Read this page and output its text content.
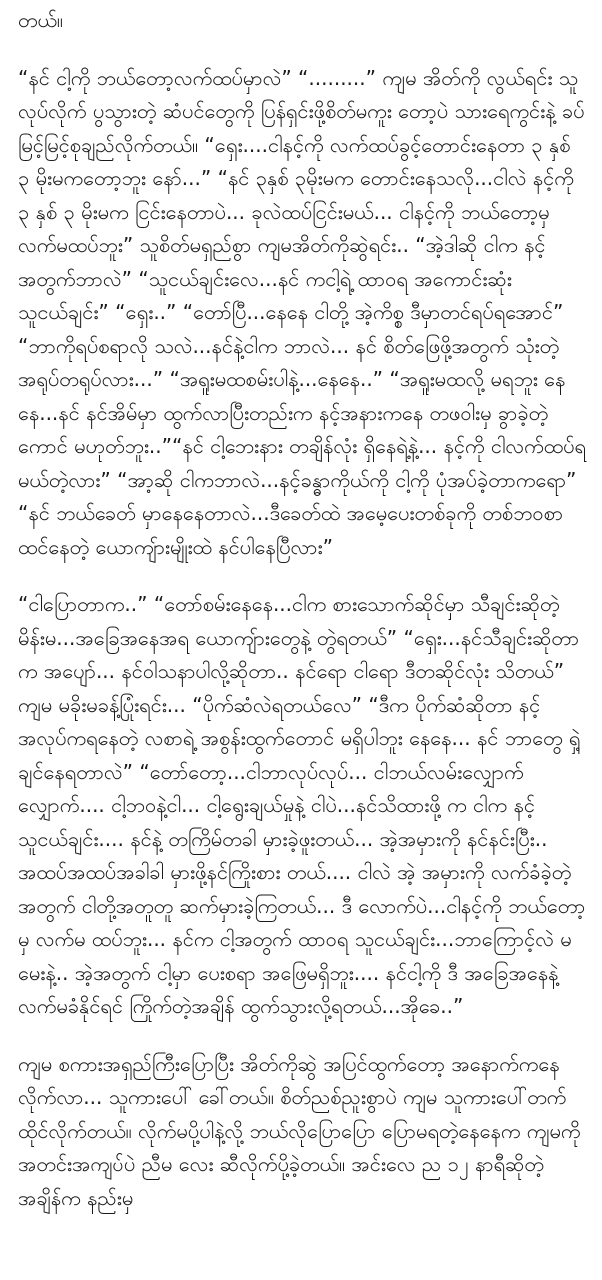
တယ်။

“နင် ငါ့ကို ဘယ်တော့လက်ထပ်မှာလဲ” “.........” ကျမ အိတ်ကို လွယ်ရင်း သူလုပ်လိုက် ပွသွားတဲ့ ဆံပင်တွေကို ပြန်ရှင်းဖို့စိတ်မကူး တော့ပဲ သားရေကွင်းနဲ့ ခပ်မြင့်မြင့်စုချည်လိုက်တယ်။ “ရှေး....ငါနင့်ကို လက်ထပ်ခွင့်တောင်းနေတာ ၃ နှစ် ၃ မိုးမကတော့ဘူး နော်...” “နင် ၃နှစ် ၃မိုးမက တောင်းနေသလို...ငါလဲ နင့်ကို ၃ နှစ် ၃ မိုးမက ငြင်းနေတာပဲ... ခုလဲထပ်ငြင်းမယ်... ငါနင့်ကို ဘယ်တော့မှ လက်မထပ်ဘူး” သူစိတ်မရှည်စွာ ကျမအိတ်ကိုဆွဲရင်း.. “အဲ့ဒါဆို ငါက နင့်အတွက်ဘာလဲ” “သူငယ်ချင်းလေ...နင် ကငါ့ရဲ့ ထာဝရ အကောင်းဆုံး သူငယ်ချင်း” “ရှေး..” “တော်ပြီ...နေနေ ငါတို့ အဲ့ကိစ္စ ဒီမှာတင်ရပ်ရအောင်” “ဘာကိုရပ်စရာလို သလဲ...နင်နဲ့ငါက ဘာလဲ... နင် စိတ်ဖြေဖို့အတွက် သုံးတဲ့ အရုပ်တရုပ်လား...” “အရူးမထစမ်းပါနဲ့...နေနေ..” “အရူးမထလို့ မရဘူး နေနေ...နင် နင်အိမ်မှာ ထွက်လာပြီးတည်းက နင့်အနားကနေ တဖဝါးမှ ခွာခဲ့တဲ့ကောင် မဟုတ်ဘူး..”“နင် ငါ့ဘေးနား တချိန်လုံး ရှိနေရဲ့နဲ့... နင့်ကို ငါလက်ထပ်ရမယ်တဲ့လား” “အာ့ဆို ငါကဘာလဲ...နင့်ခန္ဓာကိုယ်ကို ငါ့ကို ပုံအပ်ခဲ့တာကရော” “နင် ဘယ်ခေတ် မှာနေနေတာလဲ...ဒီခေတ်ထဲ အမေ့ပေးတစ်ခုကို တစ်ဘဝစာ ထင်နေတဲ့ ယောကျ်ားမျိုးထဲ နင်ပါနေပြီလား”

“ငါပြောတာက..” “တော်စမ်းနေနေ...ငါက စားသောက်ဆိုင်မှာ သီချင်းဆိုတဲ့ မိန်းမ...အခြေအနေအရ ယောကျ်ားတွေနဲ့ တွဲရတယ်” “ရှေး...နင်သီချင်းဆိုတာက အပျော်... နင်ဝါသနာပါလို့ဆိုတာ.. နင်ရော ငါရော ဒီတဆိုင်လုံး သိတယ်” ကျမ မခိုးမခန့်ပြုံးရင်း... “ပိုက်ဆံလဲရတယ်လေ” “ဒီက ပိုက်ဆံဆိုတာ နင့်အလုပ်ကရနေတဲ့ လစာရဲ့ အစွန်းထွက်တောင် မရှိပါဘူး နေနေ... နင် ဘာတွေ ရှဲ့ ချင်နေရတာလဲ” “တော်တော့...ငါဘာလုပ်လုပ်... ငါဘယ်လမ်းလျှောက်လျှောက်.... ငါ့ဘဝနဲ့ငါ... ငါ့ရွေးချယ်မှုနဲ့ ငါပဲ...နင်သိထားဖို့ က ငါက နင့်သူငယ်ချင်း.... နင်နဲ့ တကြိမ်တခါ မှားခဲ့ဖူးတယ်... အဲ့အမှားကို နင်နင်းပြီး.. အထပ်အထပ်အခါခါ မှားဖို့နင်ကြိုးစား တယ်.... ငါလဲ အဲ့ အမှားကို လက်ခံခဲ့တဲ့အတွက် ငါတို့အတူတူ ဆက်မှားခဲ့ကြတယ်... ဒီ လောက်ပဲ...ငါနင့်ကို ဘယ်တော့မှ လက်မ ထပ်ဘူး... နင်က ငါ့အတွက် ထာဝရ သူငယ်ချင်း...ဘာကြောင့်လဲ မမေးနဲ့.. အဲ့အတွက် ငါ့မှာ ပေးစရာ အဖြေမရှိဘူး.... နင်ငါ့ကို ဒီ အခြေအနေနဲ့ လက်မခံနိုင်ရင် ကြိုက်တဲ့အချိန် ထွက်သွားလို့ရတယ်...အိုခေ..”

ကျမ စကားအရှည်ကြီးပြောပြီး အိတ်ကိုဆွဲ အပြင်ထွက်တော့ အနောက်ကနေ လိုက်လာ... သူကားပေါ် ခေါ်တယ်။ စိတ်ညစ်ညူးစွာပဲ ကျမ သူကားပေါ်တက်ထိုင်လိုက်တယ်။ လိုက်မပို့ပါနဲ့လို့ ဘယ်လိုပြောပြော ပြောမရတဲ့နေနေက ကျမကို အတင်းအကျပ်ပဲ ညီမ လေး ဆီလိုက်ပို့ခဲ့တယ်။ အင်းလေ ည ၁၂ နာရီဆိုတဲ့ အချိန်က နည်းမှ
